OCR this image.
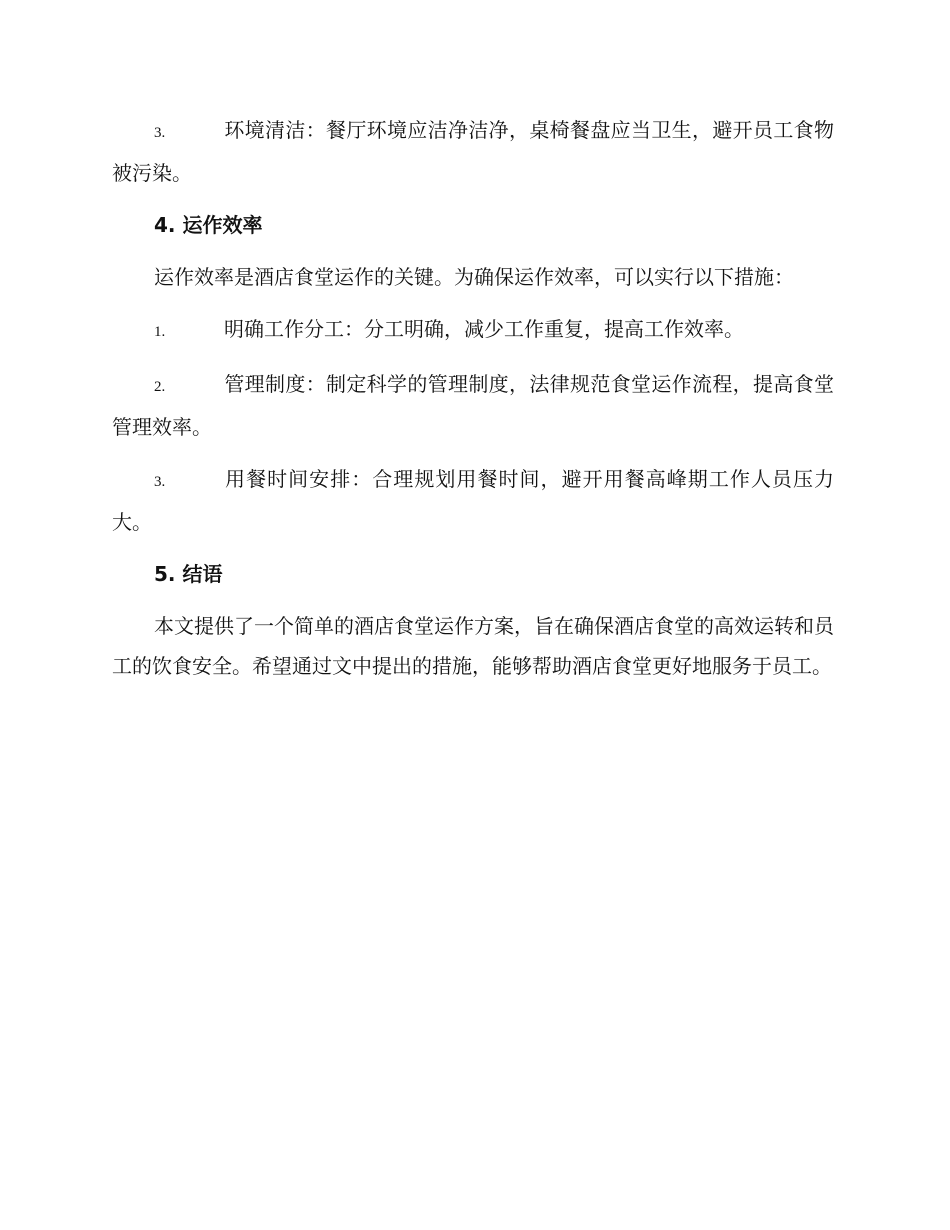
3.	环境清洁：餐厅环境应洁净洁净，桌椅餐盘应当卫生，避开员工食物被污染。
4. 运作效率

运作效率是酒店食堂运作的关键。为确保运作效率，可以实行以下措施：

1.	明确工作分工：分工明确，减少工作重复，提高工作效率。
2.	管理制度：制定科学的管理制度，法律规范食堂运作流程，提高食堂管理效率。
3.	用餐时间安排：合理规划用餐时间，避开用餐高峰期工作人员压力大。
5. 结语

本文提供了一个简单的酒店食堂运作方案，旨在确保酒店食堂的高效运转和员工的饮食安全。希望通过文中提出的措施，能够帮助酒店食堂更好地服务于员工。
